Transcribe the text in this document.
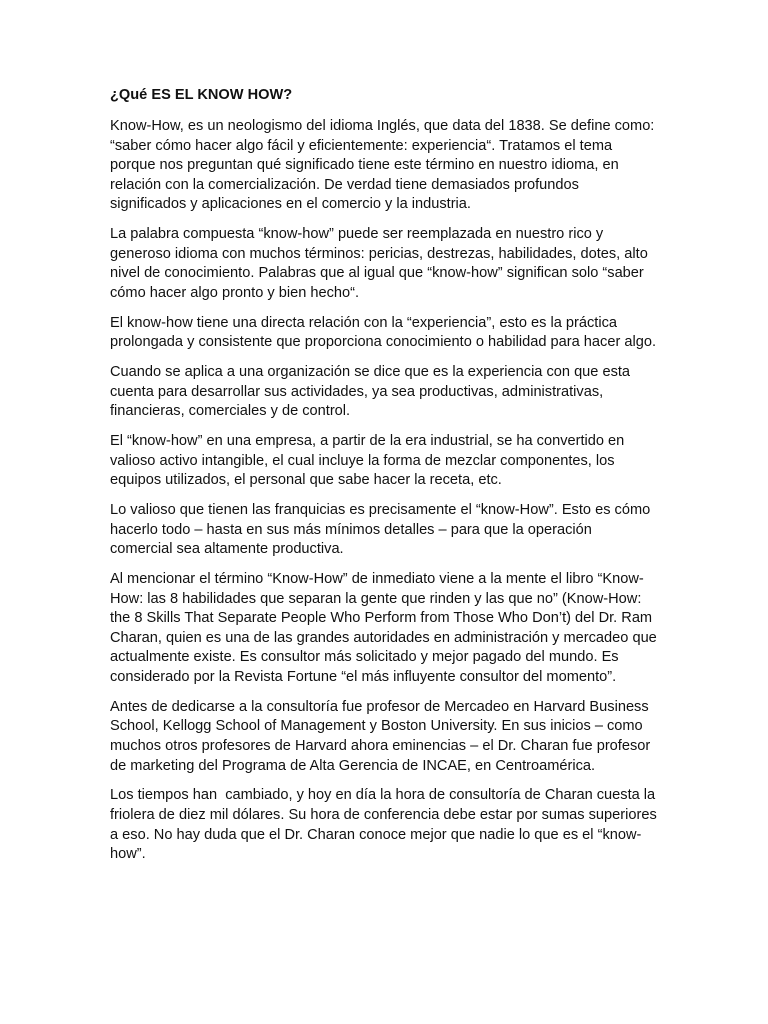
¿Qué ES EL KNOW HOW?

Know-How, es un neologismo del idioma Inglés, que data del 1838. Se define como: “saber cómo hacer algo fácil y eficientemente: experiencia“. Tratamos el tema porque nos preguntan qué significado tiene este término en nuestro idioma, en relación con la comercialización. De verdad tiene demasiados profundos significados y aplicaciones en el comercio y la industria.

La palabra compuesta “know-how” puede ser reemplazada en nuestro rico y generoso idioma con muchos términos: pericias, destrezas, habilidades, dotes, alto nivel de conocimiento. Palabras que al igual que “know-how” significan solo “saber cómo hacer algo pronto y bien hecho“.

El know-how tiene una directa relación con la “experiencia”, esto es la práctica prolongada y consistente que proporciona conocimiento o habilidad para hacer algo.

Cuando se aplica a una organización se dice que es la experiencia con que esta cuenta para desarrollar sus actividades, ya sea productivas, administrativas, financieras, comerciales y de control.

El “know-how” en una empresa, a partir de la era industrial, se ha convertido en valioso activo intangible, el cual incluye la forma de mezclar componentes, los equipos utilizados, el personal que sabe hacer la receta, etc.

Lo valioso que tienen las franquicias es precisamente el “know-How”. Esto es cómo hacerlo todo – hasta en sus más mínimos detalles – para que la operación comercial sea altamente productiva.

Al mencionar el término “Know-How” de inmediato viene a la mente el libro “Know-How: las 8 habilidades que separan la gente que rinden y las que no” (Know-How: the 8 Skills That Separate People Who Perform from Those Who Don’t) del Dr. Ram Charan, quien es una de las grandes autoridades en administración y mercadeo que actualmente existe. Es consultor más solicitado y mejor pagado del mundo. Es considerado por la Revista Fortune “el más influyente consultor del momento”.

Antes de dedicarse a la consultoría fue profesor de Mercadeo en Harvard Business School, Kellogg School of Management y Boston University. En sus inicios – como muchos otros profesores de Harvard ahora eminencias – el Dr. Charan fue profesor de marketing del Programa de Alta Gerencia de INCAE, en Centroamérica.

Los tiempos han  cambiado, y hoy en día la hora de consultoría de Charan cuesta la friolera de diez mil dólares. Su hora de conferencia debe estar por sumas superiores a eso. No hay duda que el Dr. Charan conoce mejor que nadie lo que es el “know-how”.
